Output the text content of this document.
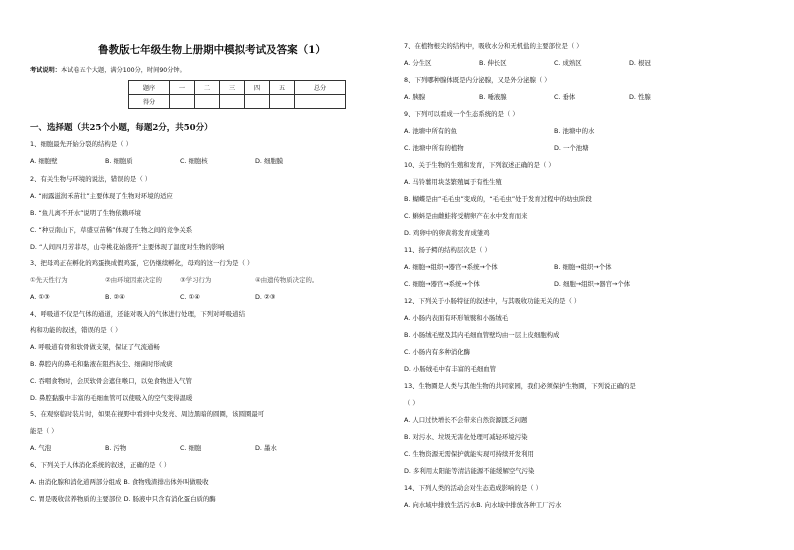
鲁教版七年级生物上册期中模拟考试及答案（1）
考试说明：本试卷五个大题，满分100分，时间90分钟。
题序	一	二	三	四	五	总分
得分						
一、选择题（共25个小题，每题2分，共50分）
1、细胞最先开始分裂的结构是（ ）
A. 细胞壁	B. 细胞质	C. 细胞核	D. 细胞膜
2、有关生物与环境的说法，错误的是（ ）
A. “雨露滋润禾苗壮”主要体现了生物对环境的适应
B. “鱼儿离不开水”说明了生物依赖环境
C. “种豆南山下，草盛豆苗稀”体现了生物之间的竞争关系
D. “人间四月芳菲尽，山寺桃花始盛开”主要体现了温度对生物的影响
3、把母鸡正在孵化的鸡蛋换成假鸡蛋，它仍继续孵化，母鸡的这一行为是（ ）
①先天性行为	②由环境因素决定的	③学习行为	④由遗传物质决定的。
A. ①③	B. ②④	C. ①④	D. ②③
4、呼吸道不仅是气体的通道，还能对吸入的气体进行处理，下列对呼吸道结
构和功能的叙述，错误的是（ ）
A. 呼吸道有骨和软骨做支架，保证了气流通畅
B. 鼻腔内的鼻毛和黏液在阻挡灰尘、细菌时形成痰
C. 吞咽食物时，会厌软骨会遮住喉口，以免食物进入气管
D. 鼻腔黏膜中丰富的毛细血管可以使吸入的空气变得温暖
5、在观察临时装片时，如果在视野中看到中央发亮、周边黑暗的圆圈，该圆圈最可
能是（ ）
A. 气泡	B. 污物	C. 细胞	D. 墨水
6、下列关于人体消化系统的叙述，正确的是（ ）
A. 由消化腺和消化道两部分组成 B. 食物残渣排出体外叫做吸收
C. 胃是吸收营养物质的主要部位 D. 肠液中只含有消化蛋白质的酶
7、在植物根尖的结构中，吸收水分和无机盐的主要部位是（ ）
A. 分生区	B. 伸长区	C. 成熟区	D. 根冠
8、下列哪种腺体既是内分泌腺，又是外分泌腺（ ）
A. 胰腺	B. 唾液腺	C. 垂体	D. 性腺
9、下列可以看成一个生态系统的是（ ）
A. 池塘中所有的鱼	B. 池塘中的水
C. 池塘中所有的植物	D. 一个池塘
10、关于生物的生殖和发育，下列叙述正确的是（ ）
A. 马铃薯用块茎繁殖属于有性生殖
B. 蝴蝶是由“毛毛虫”变成的，“毛毛虫”处于发育过程中的幼虫阶段
C. 蝌蚪是由雌蛙将受精卵产在水中发育而来
D. 鸡卵中的卵黄将发育成雏鸡
11、扬子鳄的结构层次是（ ）
A. 细胞→组织→器官→系统→个体	B. 细胞→组织→个体
C. 细胞→器官→系统→个体	D. 细胞→组织→器官→个体
12、下列关于小肠特征的叙述中，与其吸收功能无关的是（ ）
A. 小肠内表面有环形皱襞和小肠绒毛
B. 小肠绒毛壁及其内毛细血管壁均由一层上皮细胞构成
C. 小肠内有多种消化酶
D. 小肠绒毛中有丰富的毛细血管
13、生物圈是人类与其他生物的共同家园，我们必须保护生物圈，下列说正确的是
（ ）
A. 人口过快增长不会带来自然资源匮乏问题
B. 对污水、垃圾无害化处理可减轻环境污染
C. 生物资源无需保护就能实现可持续开发利用
D. 多利用太阳能等清洁能源不能缓解空气污染
14、下列人类的活动会对生态造成影响的是（ ）
A. 向水域中排放生活污水B. 向水域中排放各种工厂污水
